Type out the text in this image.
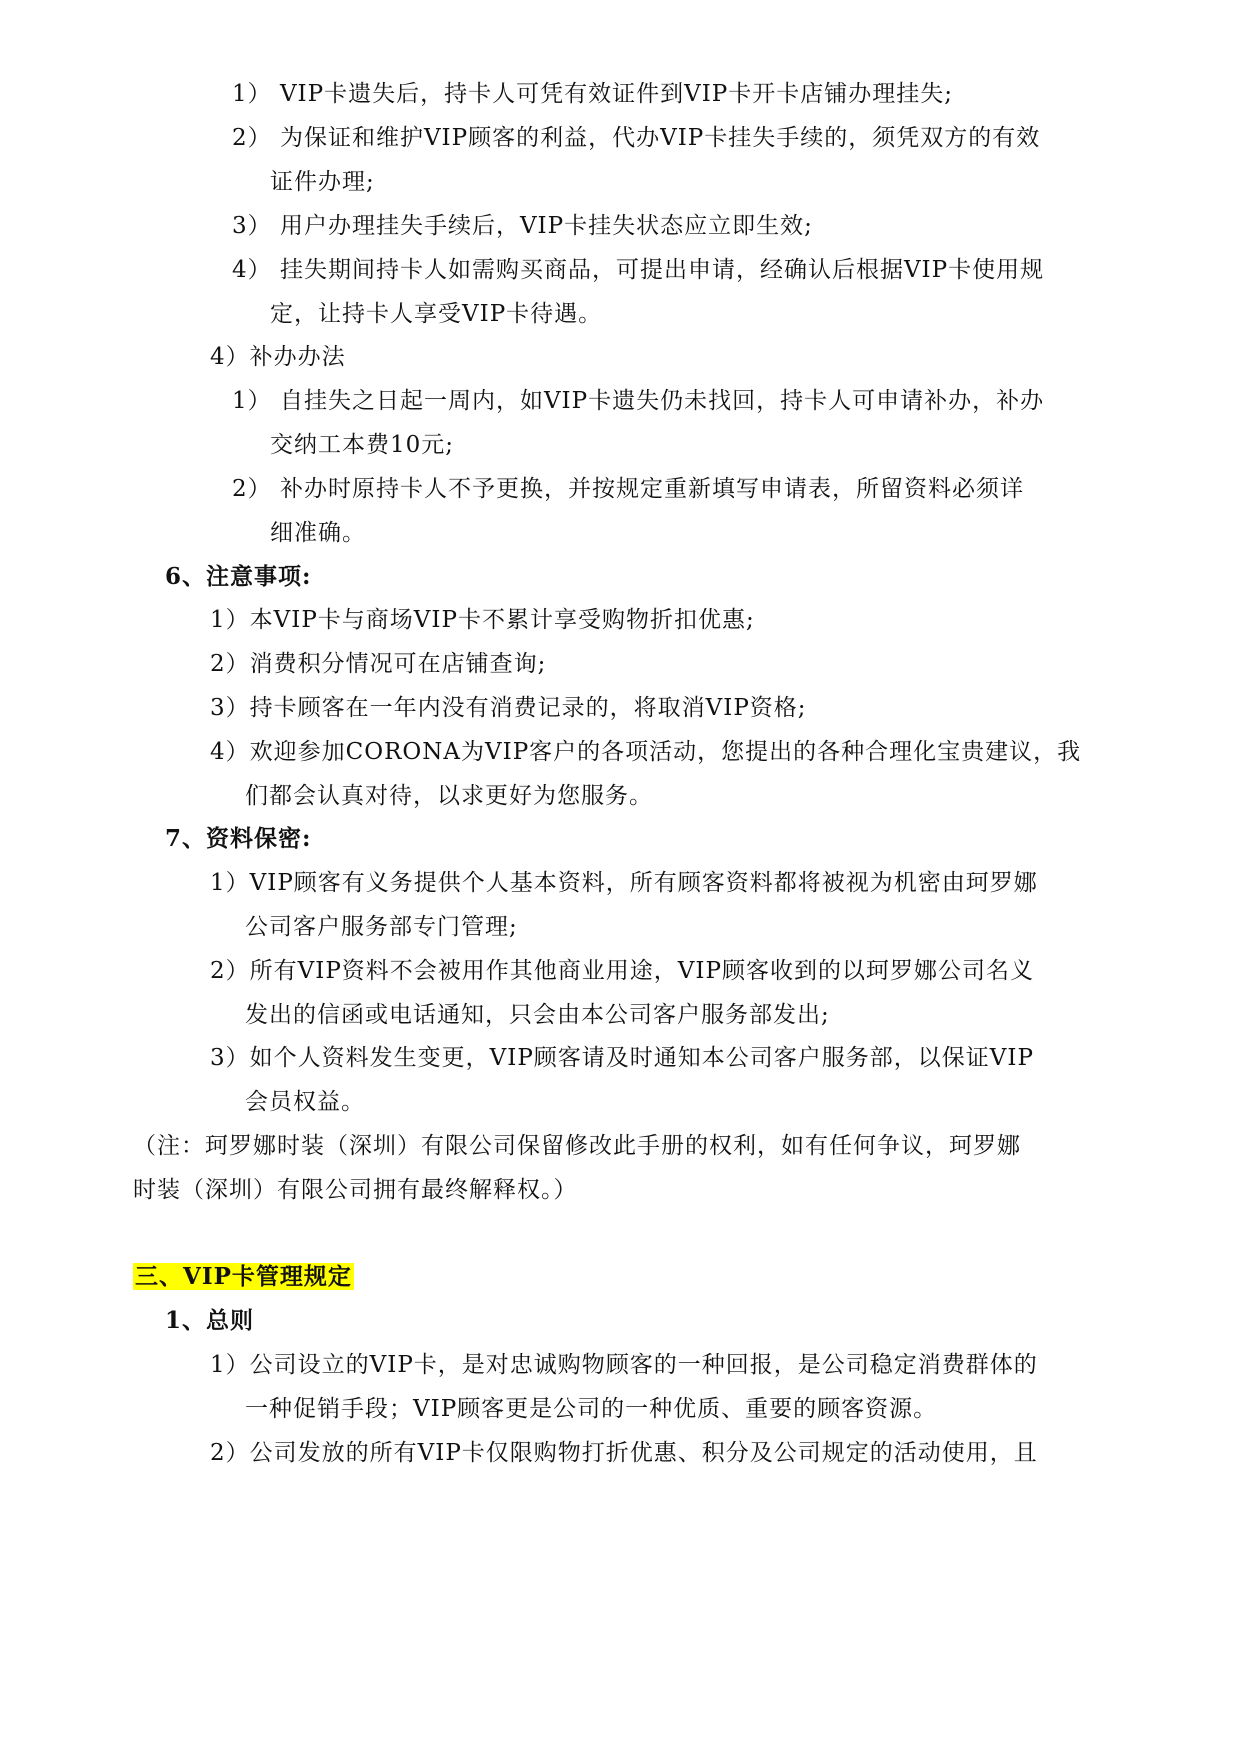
1） VIP卡遗失后，持卡人可凭有效证件到VIP卡开卡店铺办理挂失;
2） 为保证和维护VIP顾客的利益，代办VIP卡挂失手续的，须凭双方的有效
证件办理;
3） 用户办理挂失手续后，VIP卡挂失状态应立即生效;
4） 挂失期间持卡人如需购买商品，可提出申请，经确认后根据VIP卡使用规
定，让持卡人享受VIP卡待遇。
4）补办办法
1） 自挂失之日起一周内，如VIP卡遗失仍未找回，持卡人可申请补办，补办
交纳工本费10元;
2） 补办时原持卡人不予更换，并按规定重新填写申请表，所留资料必须详
细准确。
6、注意事项:
1）本VIP卡与商场VIP卡不累计享受购物折扣优惠;
2）消费积分情况可在店铺查询;
3）持卡顾客在一年内没有消费记录的，将取消VIP资格;
4）欢迎参加CORONA为VIP客户的各项活动，您提出的各种合理化宝贵建议，我
们都会认真对待，以求更好为您服务。
7、资料保密:
1）VIP顾客有义务提供个人基本资料，所有顾客资料都将被视为机密由珂罗娜
公司客户服务部专门管理;
2）所有VIP资料不会被用作其他商业用途，VIP顾客收到的以珂罗娜公司名义
发出的信函或电话通知，只会由本公司客户服务部发出;
3）如个人资料发生变更，VIP顾客请及时通知本公司客户服务部，以保证VIP
会员权益。
（注：珂罗娜时装（深圳）有限公司保留修改此手册的权利，如有任何争议，珂罗娜
时装（深圳）有限公司拥有最终解释权。）
三、VIP卡管理规定
1、总则
1）公司设立的VIP卡，是对忠诚购物顾客的一种回报，是公司稳定消费群体的
一种促销手段；VIP顾客更是公司的一种优质、重要的顾客资源。
2）公司发放的所有VIP卡仅限购物打折优惠、积分及公司规定的活动使用，且
